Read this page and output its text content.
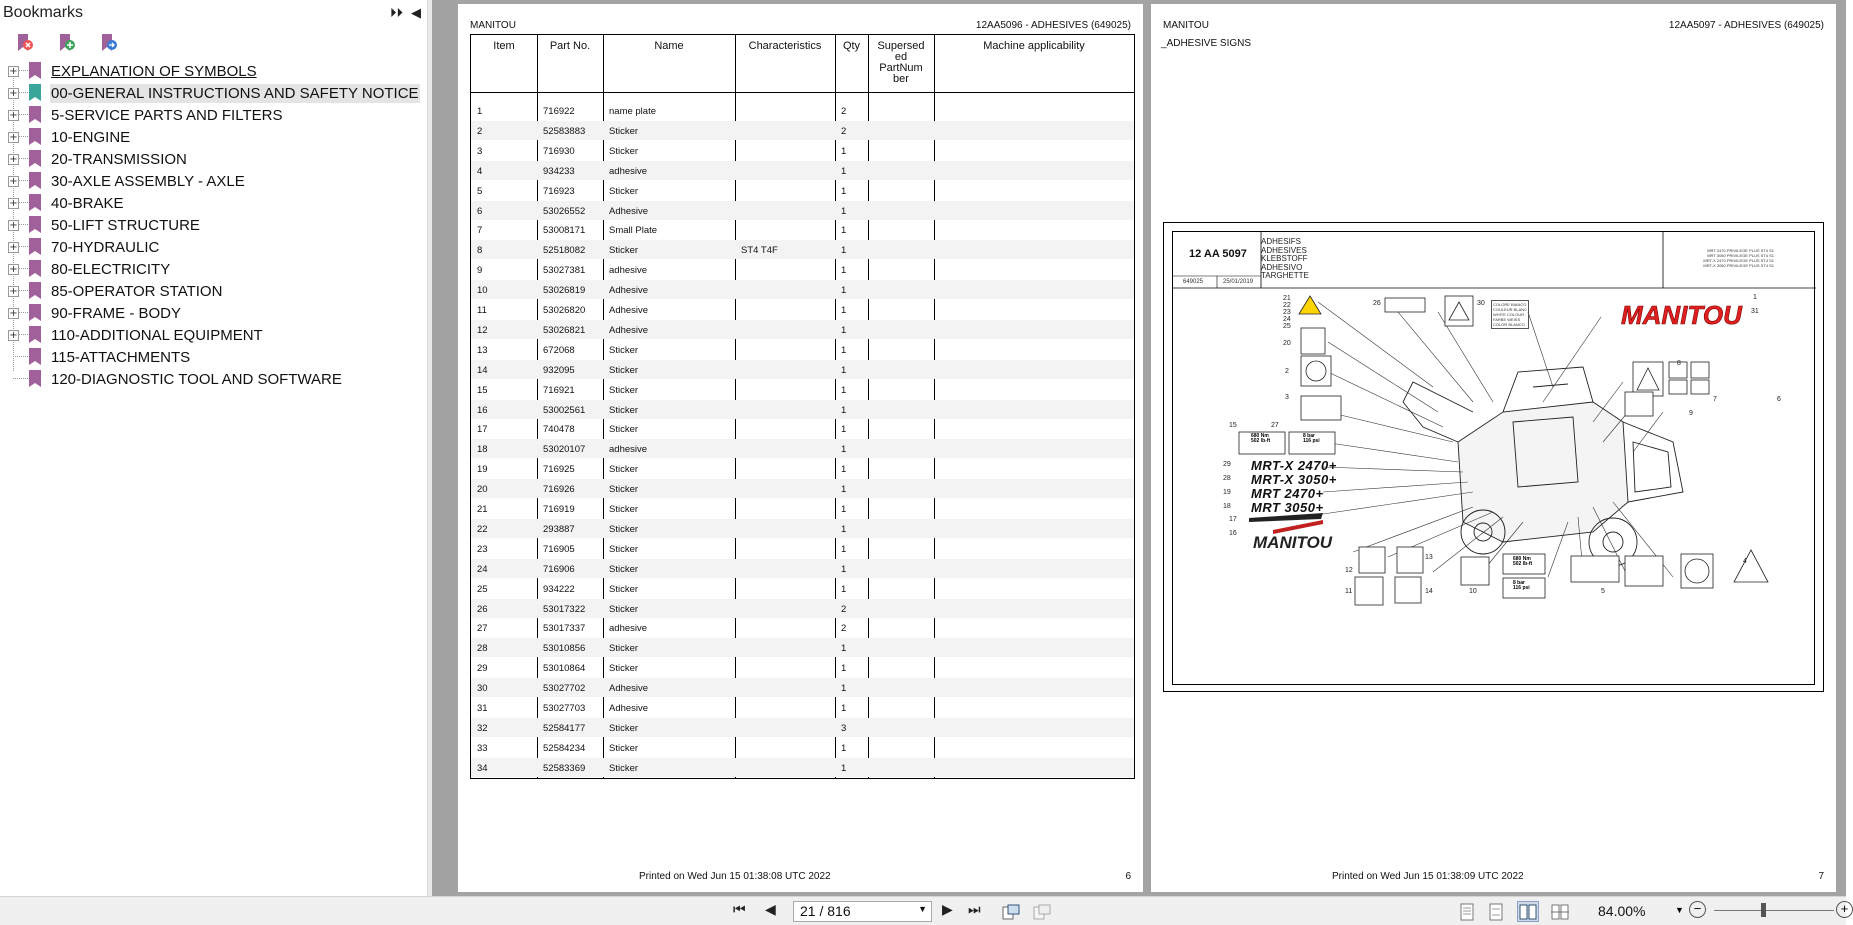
Bookmarks	⏵⏵ ◀
+ EXPLANATION OF SYMBOLS
+ 00-GENERAL INSTRUCTIONS AND SAFETY NOTICE
+ 5-SERVICE PARTS AND FILTERS
+ 10-ENGINE
+ 20-TRANSMISSION
+ 30-AXLE ASSEMBLY - AXLE
+ 40-BRAKE
+ 50-LIFT STRUCTURE
+ 70-HYDRAULIC
+ 80-ELECTRICITY
+ 85-OPERATOR STATION
+ 90-FRAME - BODY
+ 110-ADDITIONAL EQUIPMENT
115-ATTACHMENTS
120-DIAGNOSTIC TOOL AND SOFTWARE
MANITOU	12AA5096 - ADHESIVES (649025)
Item	Part No.	Name	Characteristics	Qty	Supersed
ed
PartNum
ber
Machine applicability
1	716922	name plate	2
2	52583883 Sticker	2
3	716930	Sticker	1
4	934233	adhesive	1
5	716923	Sticker	1
6	53026552 Adhesive	1
7	53008171 Small Plate	1
8	52518082 Sticker	ST4 T4F	1
9	53027381 adhesive	1
10	53026819 Adhesive	1
11	53026820 Adhesive	1
12	53026821 Adhesive	1
13	672068	Sticker	1
14	932095	Sticker	1
15	716921	Sticker	1
16	53002561 Sticker	1
17	740478	Sticker	1
18	53020107 adhesive	1
19	716925	Sticker	1
20	716926	Sticker	1
21	716919	Sticker	1
22	293887	Sticker	1
23	716905	Sticker	1
24	716906	Sticker	1
25	934222	Sticker	1
26	53017322 Sticker	2
27	53017337 adhesive	2
28	53010856 Sticker	1
29	53010864 Sticker	1
30	53027702 Adhesive	1
31	53027703 Adhesive	1
32	52584177 Sticker	3
33	52584234 Sticker	1
34	52583369 Sticker	1
Printed on Wed Jun 15 01:38:08 UTC 2022	6
MANITOU	12AA5097 - ADHESIVES (649025)
_ADHESIVE SIGNS
12 AA 5097
649025	25/01/2019
ADHESIFS
ADHESIVES
KLEBSTOFF
ADHESIVO
TARGHETTE
MRT 2470 PRIVILEGE PLUS ST4 S1
MRT 3050 PRIVILEGE PLUS ST4 S1
MRT-X 2470 PRIVILEGE PLUS ST4 S1
MRT-X 3050 PRIVILEGE PLUS ST4 S1
MANITOU
MANITOU
MRT-X 2470+
MRT-X 3050+
MRT 2470+
MRT 3050+
29
28
19
18
COLORE BIANCO
COULEUR BLANC
WHITE COLOUR
FARBE WEISS
COLOR BLANCO
680 Nm
502 lb-ft
8 bar
116 psi
680 Nm
502 lb-ft
8 bar
116 psi
21
22
23
24
25
26	30
1
31
20
2
3
8
7	6
9
15	27
17
16
12
13
11	14	10	5
4
Printed on Wed Jun 15 01:38:09 UTC 2022	7
⏮ ◀	21 / 816	▼ ▶ ⏭	84.00%	▼ −	+
